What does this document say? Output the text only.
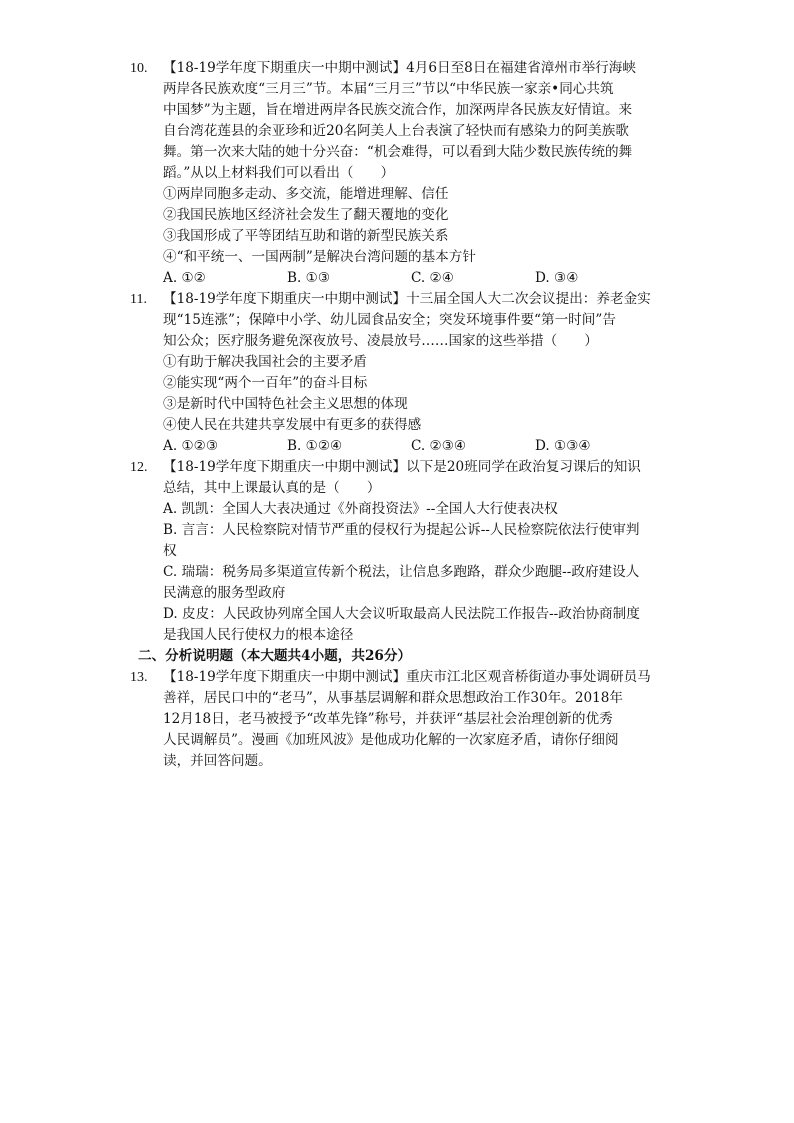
10. 【18-19学年度下期重庆一中期中测试】4月6日至8日在福建省漳州市举行海峡
两岸各民族欢度“三月三”节。本届“三月三”节以“中华民族一家亲•同心共筑
中国梦”为主题，旨在增进两岸各民族交流合作，加深两岸各民族友好情谊。来
自台湾花莲县的余亚珍和近20名阿美人上台表演了轻快而有感染力的阿美族歌
舞。第一次来大陆的她十分兴奋：“机会难得，可以看到大陆少数民族传统的舞
蹈。”从以上材料我们可以看出（　　）
①两岸同胞多走动、多交流，能增进理解、信任
②我国民族地区经济社会发生了翻天覆地的变化
③我国形成了平等团结互助和谐的新型民族关系
④“和平统一、一国两制”是解决台湾问题的基本方针
A. ①②	B. ①③	C. ②④	D. ③④
11. 【18-19学年度下期重庆一中期中测试】十三届全国人大二次会议提出：养老金实
现“15连涨”；保障中小学、幼儿园食品安全；突发环境事件要“第一时间”告
知公众；医疗服务避免深夜放号、凌晨放号……国家的这些举措（　　）
①有助于解决我国社会的主要矛盾
②能实现“两个一百年”的奋斗目标
③是新时代中国特色社会主义思想的体现
④使人民在共建共享发展中有更多的获得感
A. ①②③	B. ①②④	C. ②③④	D. ①③④
12. 【18-19学年度下期重庆一中期中测试】以下是20班同学在政治复习课后的知识
总结，其中上课最认真的是（　　）
A. 凯凯：全国人大表决通过《外商投资法》--全国人大行使表决权
B. 言言：人民检察院对情节严重的侵权行为提起公诉--人民检察院依法行使审判
权
C. 瑞瑞：税务局多渠道宣传新个税法，让信息多跑路，群众少跑腿--政府建设人
民满意的服务型政府
D. 皮皮：人民政协列席全国人大会议听取最高人民法院工作报告--政治协商制度
是我国人民行使权力的根本途径
二、分析说明题（本大题共4小题，共26分）
13. 【18-19学年度下期重庆一中期中测试】重庆市江北区观音桥街道办事处调研员马
善祥，居民口中的“老马”，从事基层调解和群众思想政治工作30年。2018年
12月18日，老马被授予“改革先锋”称号，并获评“基层社会治理创新的优秀
人民调解员”。漫画《加班风波》是他成功化解的一次家庭矛盾，请你仔细阅
读，并回答问题。
